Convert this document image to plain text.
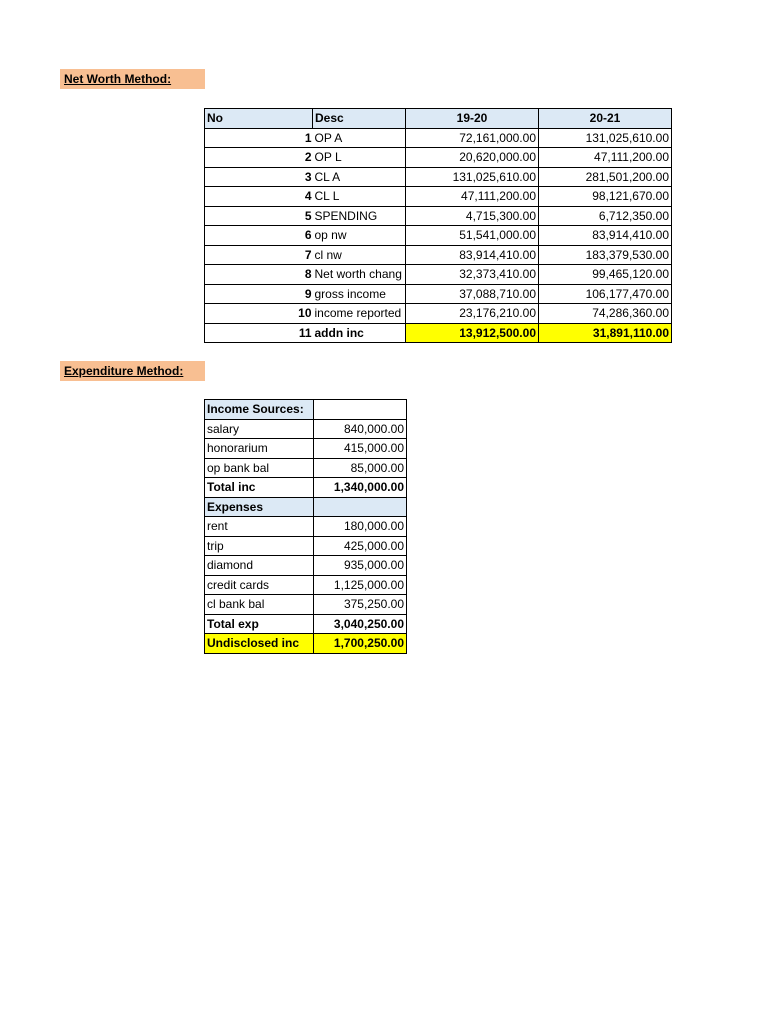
Net Worth Method:
No	Desc	19-20	20-21
1	OP A	72,161,000.00	131,025,610.00
2	OP L	20,620,000.00	47,111,200.00
3	CL A	131,025,610.00	281,501,200.00
4	CL L	47,111,200.00	98,121,670.00
5	SPENDING	4,715,300.00	6,712,350.00
6	op nw	51,541,000.00	83,914,410.00
7	cl nw	83,914,410.00	183,379,530.00
8	Net worth chang	32,373,410.00	99,465,120.00
9	gross income	37,088,710.00	106,177,470.00
10	income reported	23,176,210.00	74,286,360.00
11	addn inc	13,912,500.00	31,891,110.00
Expenditure Method:
Income Sources:	
salary	840,000.00
honorarium	415,000.00
op bank bal	85,000.00
Total inc	1,340,000.00
Expenses	
rent	180,000.00
trip	425,000.00
diamond	935,000.00
credit cards	1,125,000.00
cl bank bal	375,250.00
Total exp	3,040,250.00
Undisclosed inc	1,700,250.00
